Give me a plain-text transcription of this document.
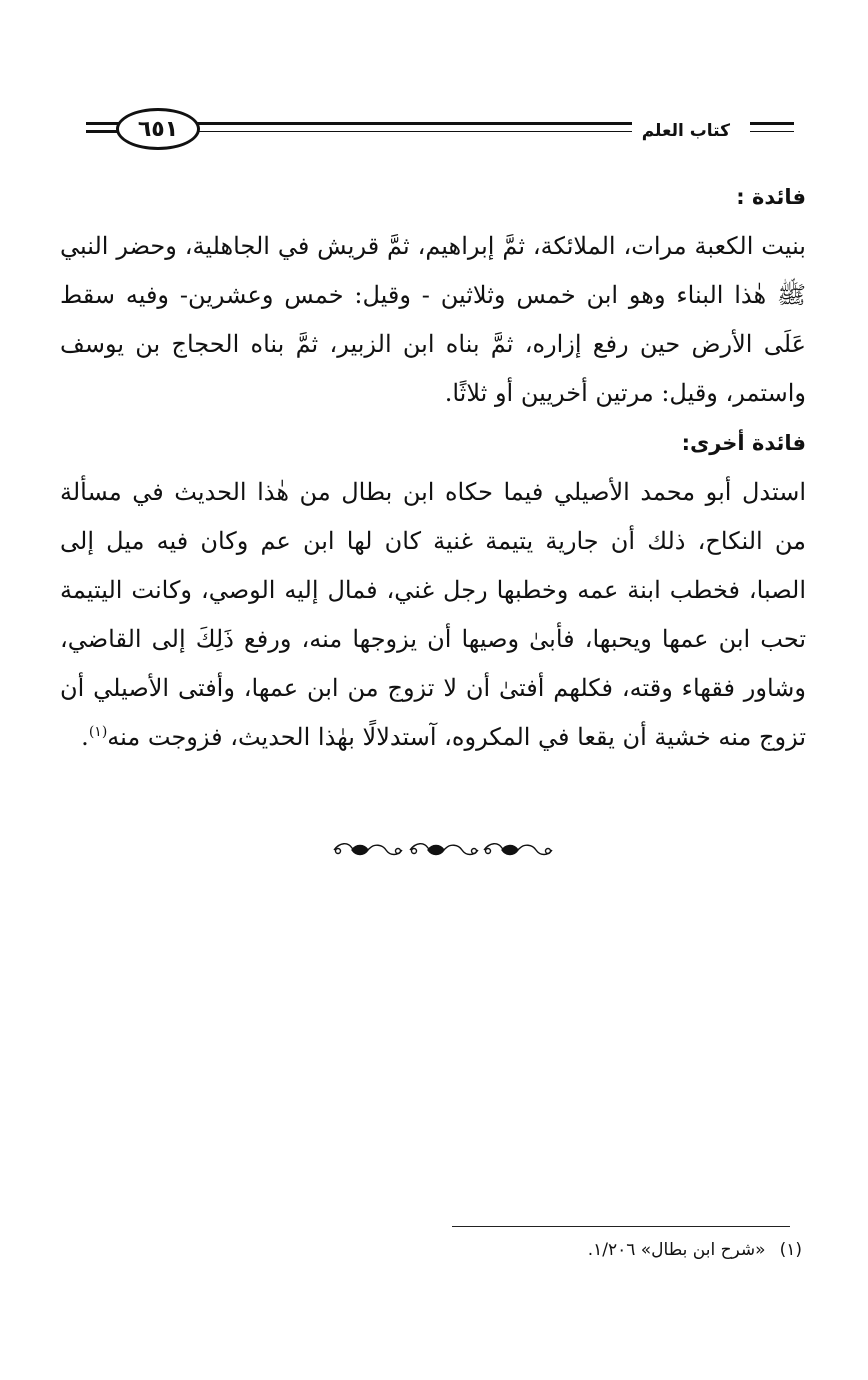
٦٥١	كتاب العلم

فائدة :

بنيت الكعبة مرات، الملائكة، ثمَّ إبراهيم، ثمَّ قريش في الجاهلية، وحضر النبي ﷺ هٰذا البناء وهو ابن خمس وثلاثين - وقيل: خمس وعشرين- وفيه سقط عَلَى الأرض حين رفع إزاره، ثمَّ بناه ابن الزبير، ثمَّ بناه الحجاج بن يوسف واستمر، وقيل: مرتين أخريين أو ثلاثًا.

فائدة أخرى:

استدل أبو محمد الأصيلي فيما حكاه ابن بطال من هٰذا الحديث في مسألة من النكاح، ذلك أن جارية يتيمة غنية كان لها ابن عم وكان فيه ميل إلى الصبا، فخطب ابنة عمه وخطبها رجل غني، فمال إليه الوصي، وكانت اليتيمة تحب ابن عمها ويحبها، فأبىٰ وصيها أن يزوجها منه، ورفع ذَلِكَ إلى القاضي، وشاور فقهاء وقته، فكلهم أفتىٰ أن لا تزوج من ابن عمها، وأفتى الأصيلي أن تزوج منه خشية أن يقعا في المكروه، آستدلالًا بهٰذا الحديث، فزوجت منه$^{(١)}$.

(١)«شرح ابن بطال» ١/٢٠٦.
